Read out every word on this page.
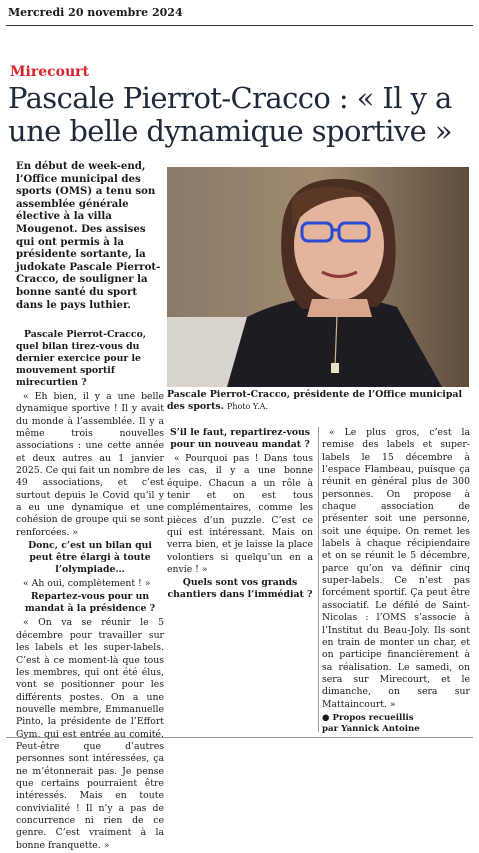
Mercredi 20 novembre 2024
Mirecourt
Pascale Pierrot-Cracco : « Il y a une belle dynamique sportive »
En début de week-end, l’Office municipal des sports (OMS) a tenu son assemblée générale élective à la villa Mougenot. Des assises qui ont permis à la présidente sortante, la judokate Pascale Pierrot-Cracco, de souligner la bonne santé du sport dans le pays luthier.
Pascale Pierrot-Cracco, présidente de l’Office municipal des sports. Photo Y.A.
Pascale Pierrot-Cracco, quel bilan tirez-vous du dernier exercice pour le mouvement sportif mirecurtien ?
« Eh bien, il y a une belle dynamique sportive ! Il y avait du monde à l’assemblée. Il y a même trois nouvelles associations : une cette année et deux autres au 1 janvier 2025. Ce qui fait un nombre de 49 associations, et c’est surtout depuis le Covid qu’il y a eu une dynamique et une cohésion de groupe qui se sont renforcées. »
Donc, c’est un bilan qui peut être élargi à toute l’olympiade…
« Ah oui, complètement ! »
Repartez-vous pour un mandat à la présidence ?
« On va se réunir le 5 décembre pour travailler sur les labels et les super-labels. C’est à ce moment-là que tous les membres, qui ont été élus, vont se positionner pour les différents postes. On a une nouvelle membre, Emmanuelle Pinto, la présidente de l’Effort Gym, qui est entrée au comité. Peut-être que d’autres personnes sont intéressées, ça ne m’étonnerait pas. Je pense que certains pourraient être intéressés. Mais en toute convivialité ! Il n’y a pas de concurrence ni rien de ce genre. C’est vraiment à la bonne franquette. »
S’il le faut, repartirez-vous pour un nouveau mandat ?
« Pourquoi pas ! Dans tous les cas, il y a une bonne équipe. Chacun a un rôle à tenir et on est tous complémentaires, comme les pièces d’un puzzle. C’est ce qui est intéressant. Mais on verra bien, et je laisse la place volontiers si quelqu’un en a envie ! »
Quels sont vos grands chantiers dans l’immédiat ?
« Le plus gros, c’est la remise des labels et super-labels le 15 décembre à l’espace Flambeau, puisque ça réunit en général plus de 300 personnes. On propose à chaque association de présenter soit une personne, soit une équipe. On remet les labels à chaque récipiendaire et on se réunit le 5 décembre, parce qu’on va définir cinq super-labels. Ce n’est pas forcément sportif. Ça peut être associatif. Le défilé de Saint-Nicolas : l’OMS s’associe à l’Institut du Beau-Joly. Ils sont en train de monter un char, et on participe financièrement à sa réalisation. Le samedi, on sera sur Mirecourt, et le dimanche, on sera sur Mattaincourt. »
● Propos recueillis
par Yannick Antoine
